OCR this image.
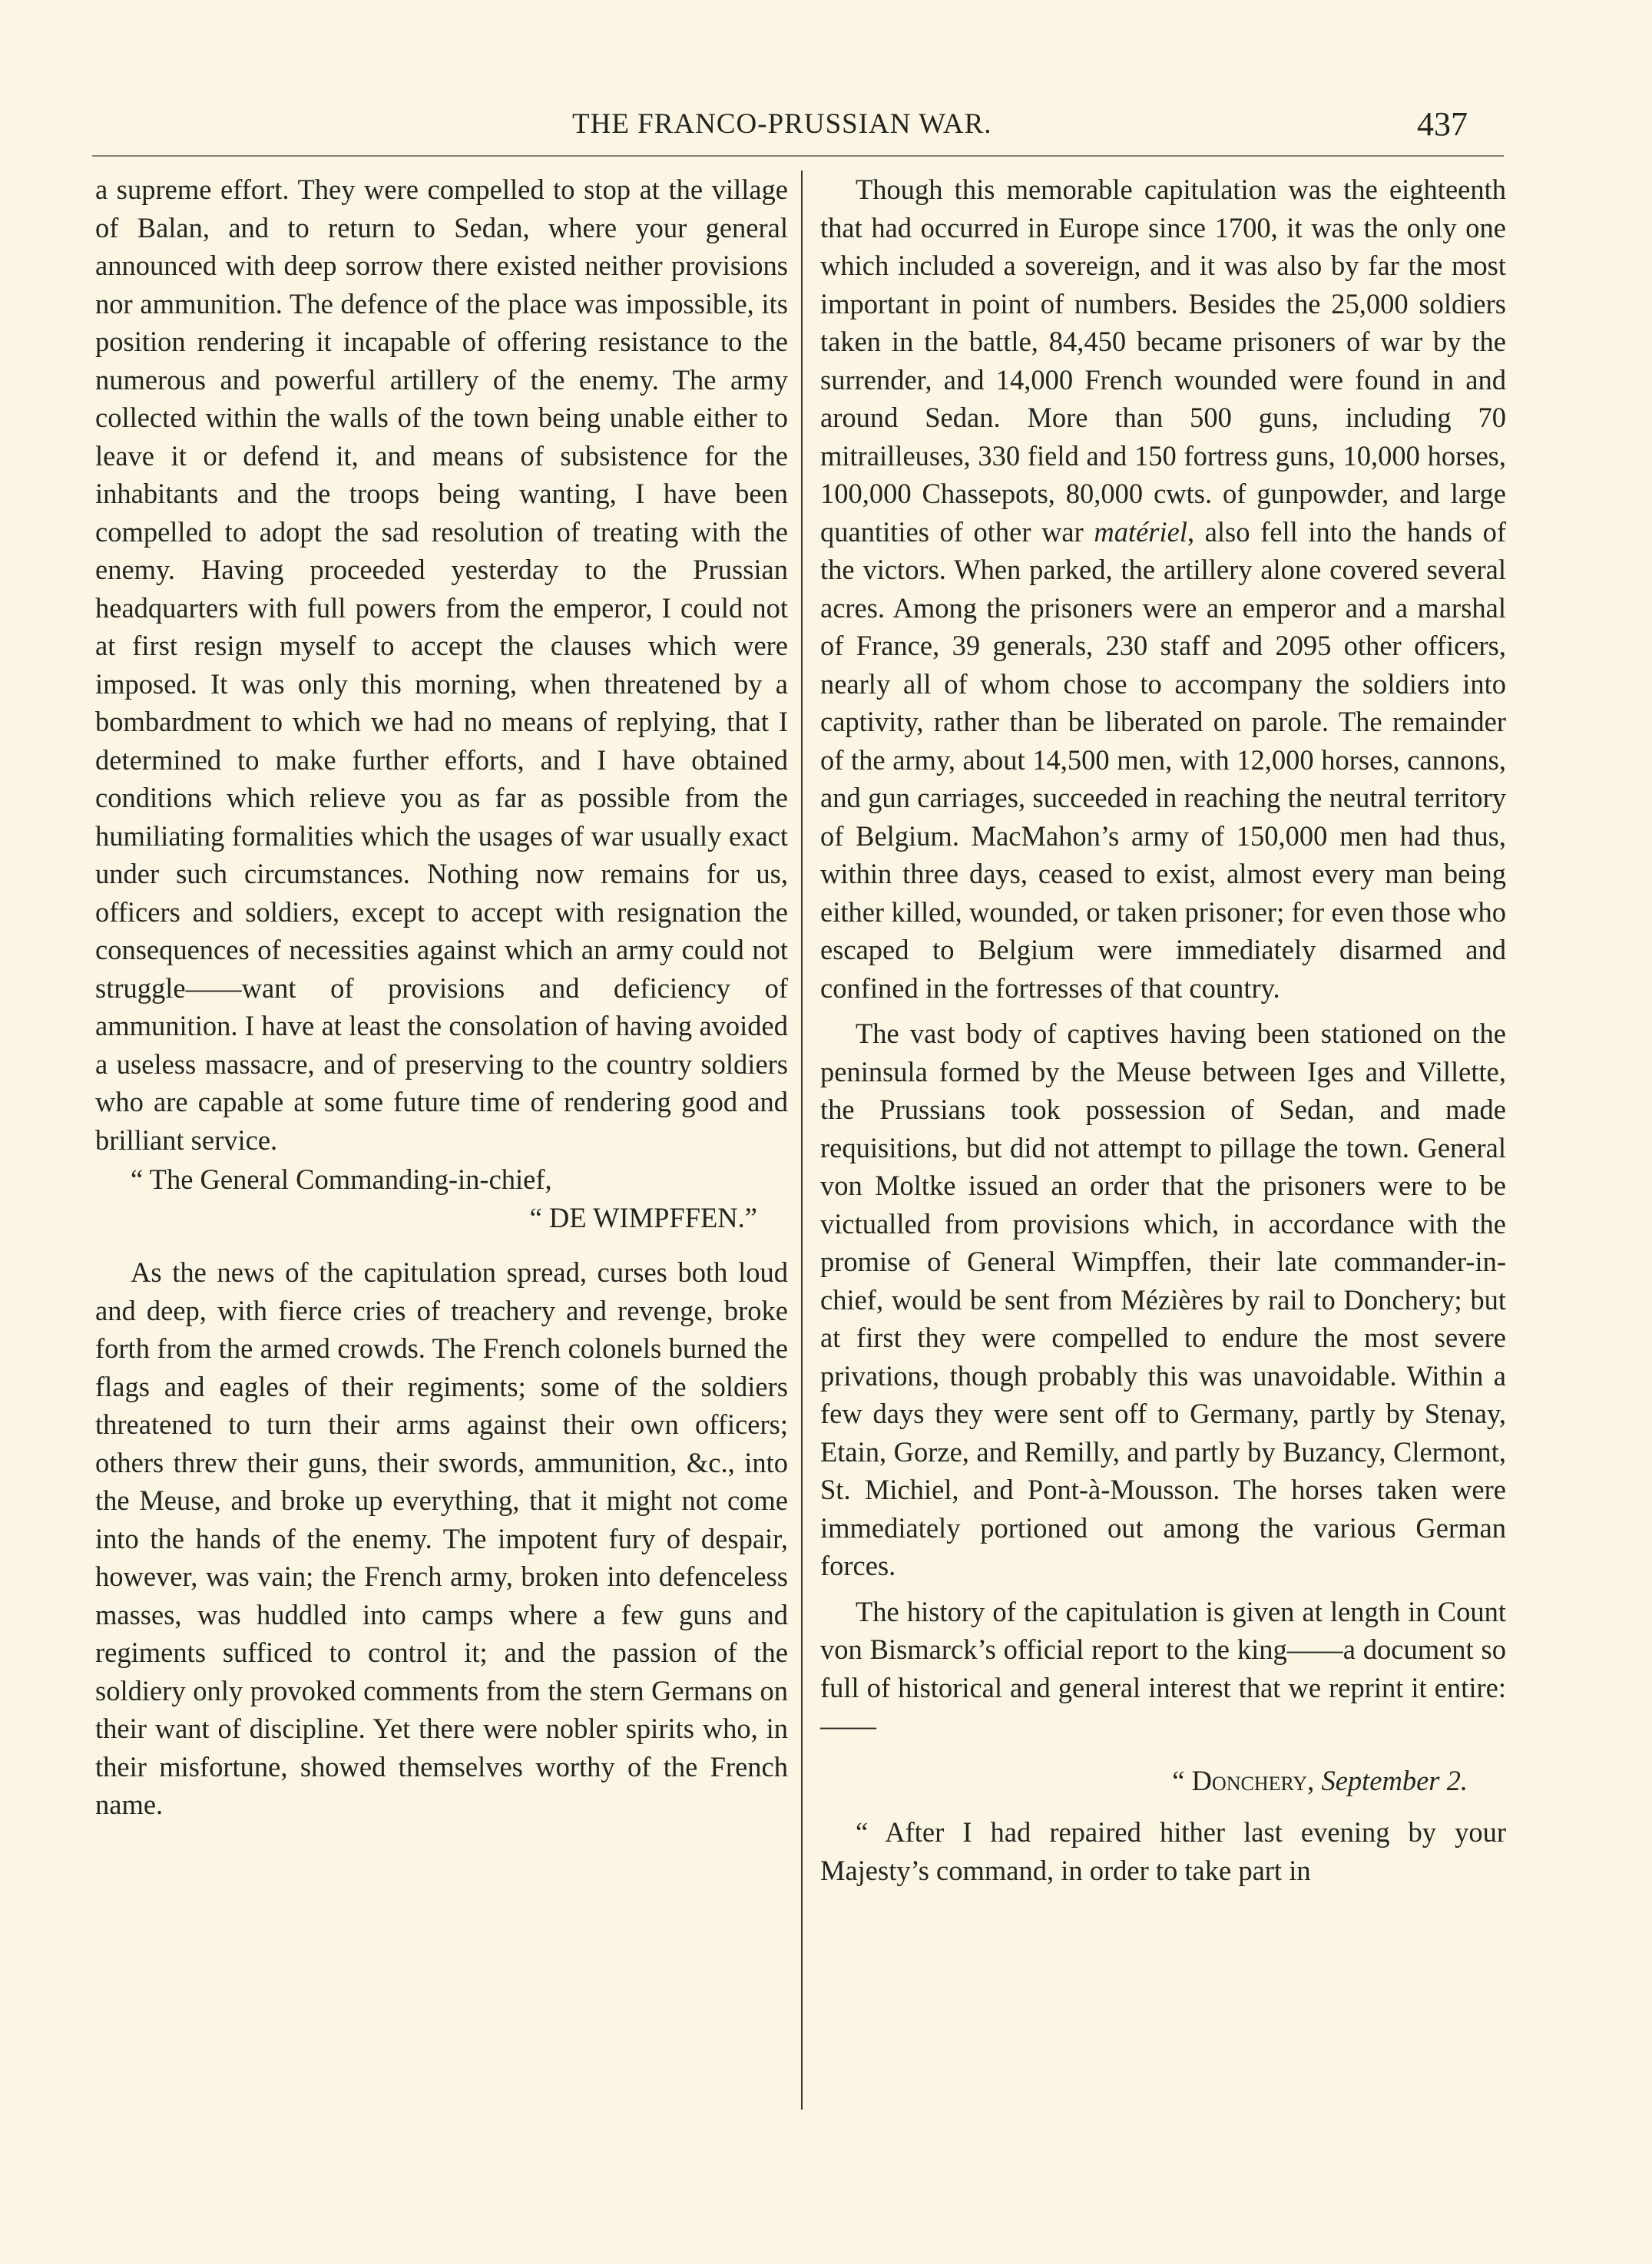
THE FRANCO-PRUSSIAN WAR.	437

a supreme effort. They were compelled to stop at the village of Balan, and to return to Sedan, where your general announced with deep sorrow there existed neither provisions nor ammunition. The defence of the place was impossible, its position rendering it incapable of offering resistance to the numerous and powerful artillery of the enemy. The army collected within the walls of the town being unable either to leave it or defend it, and means of subsistence for the inhabitants and the troops being wanting, I have been compelled to adopt the sad resolution of treating with the enemy. Having proceeded yesterday to the Prussian headquarters with full powers from the emperor, I could not at first resign myself to accept the clauses which were imposed. It was only this morning, when threatened by a bombardment to which we had no means of replying, that I determined to make further efforts, and I have obtained conditions which relieve you as far as possible from the humiliating formalities which the usages of war usually exact under such circumstances. Nothing now remains for us, officers and soldiers, except to accept with resignation the consequences of necessities against which an army could not struggle——want of provisions and deficiency of ammunition. I have at least the consolation of having avoided a useless massacre, and of preserving to the country soldiers who are capable at some future time of rendering good and brilliant service.

“ The General Commanding-in-chief,

“ DE WIMPFFEN.”

As the news of the capitulation spread, curses both loud and deep, with fierce cries of treachery and revenge, broke forth from the armed crowds. The French colonels burned the flags and eagles of their regiments; some of the soldiers threatened to turn their arms against their own officers; others threw their guns, their swords, ammunition, &c., into the Meuse, and broke up everything, that it might not come into the hands of the enemy. The impotent fury of despair, however, was vain; the French army, broken into defenceless masses, was huddled into camps where a few guns and regiments sufficed to control it; and the passion of the soldiery only provoked comments from the stern Germans on their want of discipline. Yet there were nobler spirits who, in their misfortune, showed themselves worthy of the French name.

Though this memorable capitulation was the eighteenth that had occurred in Europe since 1700, it was the only one which included a sovereign, and it was also by far the most important in point of numbers. Besides the 25,000 soldiers taken in the battle, 84,450 became prisoners of war by the surrender, and 14,000 French wounded were found in and around Sedan. More than 500 guns, including 70 mitrailleuses, 330 field and 150 fortress guns, 10,000 horses, 100,000 Chassepots, 80,000 cwts. of gunpowder, and large quantities of other war matériel, also fell into the hands of the victors. When parked, the artillery alone covered several acres. Among the prisoners were an emperor and a marshal of France, 39 generals, 230 staff and 2095 other officers, nearly all of whom chose to accompany the soldiers into captivity, rather than be liberated on parole. The remainder of the army, about 14,500 men, with 12,000 horses, cannons, and gun carriages, succeeded in reaching the neutral territory of Belgium. MacMahon’s army of 150,000 men had thus, within three days, ceased to exist, almost every man being either killed, wounded, or taken prisoner; for even those who escaped to Belgium were immediately disarmed and confined in the fortresses of that country.

The vast body of captives having been stationed on the peninsula formed by the Meuse between Iges and Villette, the Prussians took possession of Sedan, and made requisitions, but did not attempt to pillage the town. General von Moltke issued an order that the prisoners were to be victualled from provisions which, in accordance with the promise of General Wimpffen, their late commander-in-chief, would be sent from Mézières by rail to Donchery; but at first they were compelled to endure the most severe privations, though probably this was unavoidable. Within a few days they were sent off to Germany, partly by Stenay, Etain, Gorze, and Remilly, and partly by Buzancy, Clermont, St. Michiel, and Pont-à-Mousson. The horses taken were immediately portioned out among the various German forces.

The history of the capitulation is given at length in Count von Bismarck’s official report to the king——a document so full of historical and general interest that we reprint it entire:——

“ Donchery, September 2.

“ After I had repaired hither last evening by your Majesty’s command, in order to take part in
